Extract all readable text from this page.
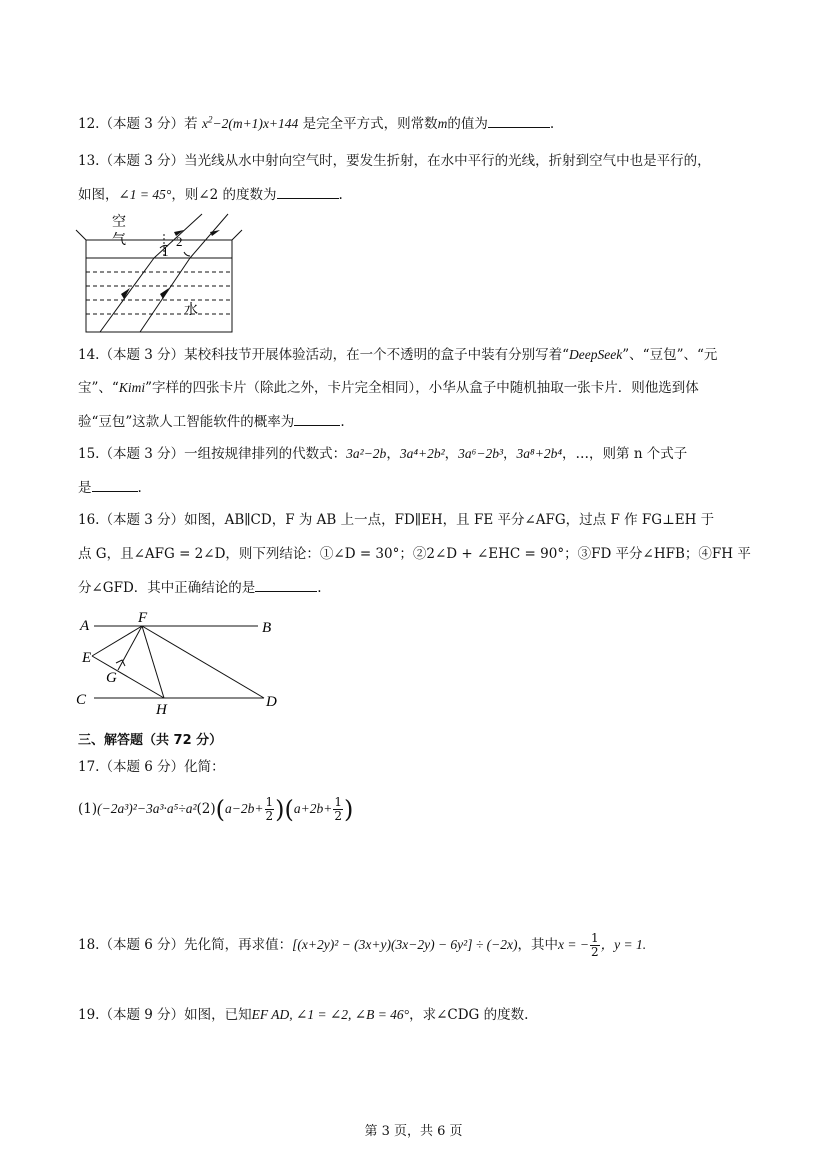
12.（本题 3 分）若 $x^2-2(m+1)x+144$ 是完全平方式，则常数m的值为	.
13.（本题 3 分）当光线从水中射向空气时，要发生折射，在水中平行的光线，折射到空气中也是平行的，
如图，∠1 = 45°，则∠2 的度数为	.
空
气
1
2
水
14.（本题 3 分）某校科技节开展体验活动，在一个不透明的盒子中装有分别写着“DeepSeek”、“豆包”、“元
宝”、“Kimi”字样的四张卡片（除此之外，卡片完全相同），小华从盒子中随机抽取一张卡片．则他选到体
验“豆包”这款人工智能软件的概率为	.
15.（本题 3 分）一组按规律排列的代数式：3a²−2b，3a⁴+2b²，3a⁶−2b³，3a⁸+2b⁴，…，则第 n 个式子
是	.
16.（本题 3 分）如图，AB∥CD，F 为 AB 上一点，FD∥EH，且 FE 平分∠AFG，过点 F 作 FG⊥EH 于
点 G，且∠AFG = 2∠D，则下列结论：①∠D = 30°；②2∠D + ∠EHC = 90°；③FD 平分∠HFB；④FH 平
分∠GFD．其中正确结论的是	.
A	B
C	D
E
F
G
H
三、解答题（共 72 分）
17.（本题 6 分）化简：
$(1)(-2a^3)^2-3a^3\cdot a^5\div a^2(2)(a-2b+ \frac{1}{2} )(a+2b+ \frac{1}{2}$ )
18.（本题 6 分）先化简，再求值：[(x+2y)² − (3x+y)(3x−2y) − 6y²] ÷ (−2x)，其中x = − $\frac{1}{2}$ ，y = 1.
19.（本题 9 分）如图，已知EF AD, ∠1 = ∠2, ∠B = 46°，求∠CDG 的度数.
第 3 页，共 6 页
